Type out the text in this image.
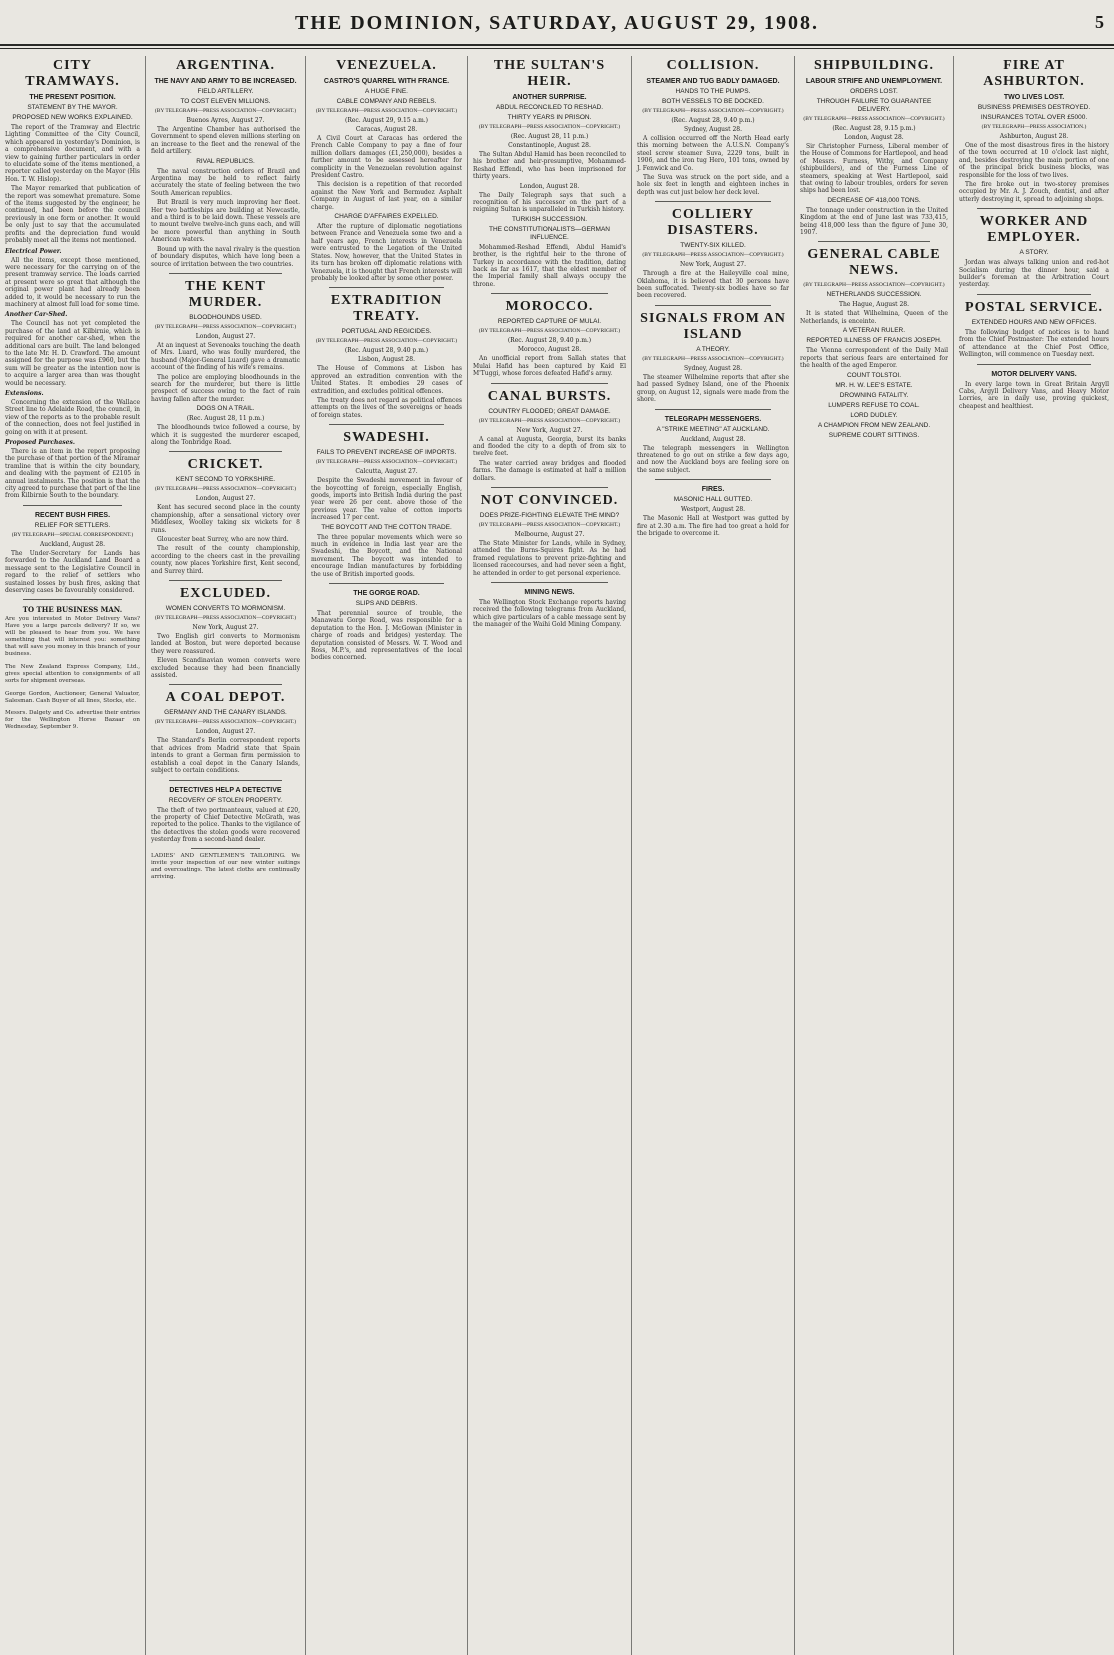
THE DOMINION, SATURDAY, AUGUST 29, 1908.	5
CITY TRAMWAYS.
THE PRESENT POSITION.
STATEMENT BY THE MAYOR.
PROPOSED NEW WORKS EXPLAINED.

The report of the Tramway and Electric Lighting Committee of the City Council, which appeared in yesterday's Dominion, is a comprehensive document, and with a view to gaining further particulars in order to elucidate some of the items mentioned, a reporter called yesterday on the Mayor (His Hon. T. W. Hislop).

The Mayor remarked that publication of the report was somewhat premature. Some of the items suggested by the engineer, he continued, had been before the council previously in one form or another. It would be only just to say that the accumulated profits and the depreciation fund would probably meet all the items not mentioned.

Electrical Power.

All the items, except those mentioned, were necessary for the carrying on of the present tramway service. The loads carried at present were so great that although the original power plant had already been added to, it would be necessary to run the machinery at almost full load for some time.

Another Car-Shed.

The Council has not yet completed the purchase of the land at Kilbirnie, which is required for another car-shed, when the additional cars are built. The land belonged to the late Mr. H. D. Crawford. The amount assigned for the purpose was £960, but the sum will be greater as the intention now is to acquire a larger area than was thought would be necessary.

Extensions.

Concerning the extension of the Wallace Street line to Adelaide Road, the council, in view of the reports as to the probable result of the connection, does not feel justified in going on with it at present.

Proposed Purchases.

There is an item in the report proposing the purchase of that portion of the Miramar tramline that is within the city boundary, and dealing with the payment of £2105 in annual instalments. The position is that the city agreed to purchase that part of the line from Kilbirnie South to the boundary.

RECENT BUSH FIRES.
RELIEF FOR SETTLERS.
(BY TELEGRAPH—SPECIAL CORRESPONDENT.)
Auckland, August 28.

The Under-Secretary for Lands has forwarded to the Auckland Land Board a message sent to the Legislative Council in regard to the relief of settlers who sustained losses by bush fires, asking that deserving cases be favourably considered.

TO THE BUSINESS MAN.

Are you interested in Motor Delivery Vans? Have you a large parcels delivery? If so, we will be pleased to hear from you. We have something that will interest you: something that will save you money in this branch of your business.

The New Zealand Express Company, Ltd., gives special attention to consignments of all sorts for shipment overseas.

George Gordon, Auctioneer, General Valuator, Salesman. Cash Buyer of all lines, Stocks, etc.

Messrs. Dalgety and Co. advertise their entries for the Wellington Horse Bazaar on Wednesday, September 9.

ARGENTINA.
THE NAVY AND ARMY TO BE INCREASED.
FIELD ARTILLERY.
TO COST ELEVEN MILLIONS.
(BY TELEGRAPH—PRESS ASSOCIATION—COPYRIGHT.)
Buenos Ayres, August 27.

The Argentine Chamber has authorised the Government to spend eleven millions sterling on an increase to the fleet and the renewal of the field artillery.

RIVAL REPUBLICS.

The naval construction orders of Brazil and Argentina may be held to reflect fairly accurately the state of feeling between the two South American republics.

But Brazil is very much improving her fleet. Her two battleships are building at Newcastle, and a third is to be laid down. These vessels are to mount twelve twelve-inch guns each, and will be more powerful than anything in South American waters.

Bound up with the naval rivalry is the question of boundary disputes, which have long been a source of irritation between the two countries.

THE KENT MURDER.
BLOODHOUNDS USED.
(BY TELEGRAPH—PRESS ASSOCIATION—COPYRIGHT.)
London, August 27.

At an inquest at Sevenoaks touching the death of Mrs. Luard, who was foully murdered, the husband (Major-General Luard) gave a dramatic account of the finding of his wife's remains.

The police are employing bloodhounds in the search for the murderer, but there is little prospect of success owing to the fact of rain having fallen after the murder.

DOGS ON A TRAIL.
(Rec. August 28, 11 p.m.)

The bloodhounds twice followed a course, by which it is suggested the murderer escaped, along the Tonbridge Road.

CRICKET.
KENT SECOND TO YORKSHIRE.
(BY TELEGRAPH—PRESS ASSOCIATION—COPYRIGHT.)
London, August 27.

Kent has secured second place in the county championship, after a sensational victory over Middlesex, Woolley taking six wickets for 8 runs.

Gloucester beat Surrey, who are now third.

The result of the county championship, according to the cheers cast in the prevailing county, now places Yorkshire first, Kent second, and Surrey third.

EXCLUDED.
WOMEN CONVERTS TO MORMONISM.
(BY TELEGRAPH—PRESS ASSOCIATION—COPYRIGHT.)
New York, August 27.

Two English girl converts to Mormonism landed at Boston, but were deported because they were reassured.

Eleven Scandinavian women converts were excluded because they had been financially assisted.

A COAL DEPOT.
GERMANY AND THE CANARY ISLANDS.
(BY TELEGRAPH—PRESS ASSOCIATION—COPYRIGHT.)
London, August 27.

The Standard's Berlin correspondent reports that advices from Madrid state that Spain intends to grant a German firm permission to establish a coal depot in the Canary Islands, subject to certain conditions.

DETECTIVES HELP A DETECTIVE
RECOVERY OF STOLEN PROPERTY.

The theft of two portmanteaux, valued at £20, the property of Chief Detective McGrath, was reported to the police. Thanks to the vigilance of the detectives the stolen goods were recovered yesterday from a second-hand dealer.

LADIES' AND GENTLEMEN'S TAILORING. We invite your inspection of our new winter suitings and overcoatings. The latest cloths are continually arriving.

VENEZUELA.
CASTRO'S QUARREL WITH FRANCE.
A HUGE FINE.
CABLE COMPANY AND REBELS.
(BY TELEGRAPH—PRESS ASSOCIATION—COPYRIGHT.)
(Rec. August 29, 9.15 a.m.)
Caracas, August 28.

A Civil Court at Caracas has ordered the French Cable Company to pay a fine of four million dollars damages (£1,250,000), besides a further amount to be assessed hereafter for complicity in the Venezuelan revolution against President Castro.

This decision is a repetition of that recorded against the New York and Bermudez Asphalt Company in August of last year, on a similar charge.

CHARGE D'AFFAIRES EXPELLED.

After the rupture of diplomatic negotiations between France and Venezuela some two and a half years ago, French interests in Venezuela were entrusted to the Legation of the United States. Now, however, that the United States in its turn has broken off diplomatic relations with Venezuela, it is thought that French interests will probably be looked after by some other power.

EXTRADITION TREATY.
PORTUGAL AND REGICIDES.
(BY TELEGRAPH—PRESS ASSOCIATION—COPYRIGHT.)
(Rec. August 28, 9.40 p.m.)
Lisbon, August 28.

The House of Commons at Lisbon has approved an extradition convention with the United States. It embodies 29 cases of extradition, and excludes political offences.

The treaty does not regard as political offences attempts on the lives of the sovereigns or heads of foreign states.

SWADESHI.
FAILS TO PREVENT INCREASE OF IMPORTS.
(BY TELEGRAPH—PRESS ASSOCIATION—COPYRIGHT.)
Calcutta, August 27.

Despite the Swadeshi movement in favour of the boycotting of foreign, especially English, goods, imports into British India during the past year were 26 per cent. above those of the previous year. The value of cotton imports increased 17 per cent.

THE BOYCOTT AND THE COTTON TRADE.

The three popular movements which were so much in evidence in India last year are the Swadeshi, the Boycott, and the National movement. The boycott was intended to encourage Indian manufactures by forbidding the use of British imported goods.

THE GORGE ROAD.
SLIPS AND DEBRIS.

That perennial source of trouble, the Manawatu Gorge Road, was responsible for a deputation to the Hon. J. McGowan (Minister in charge of roads and bridges) yesterday. The deputation consisted of Messrs. W. T. Wood and Ross, M.P.'s, and representatives of the local bodies concerned.

THE SULTAN'S HEIR.
ANOTHER SURPRISE.
ABDUL RECONCILED TO RESHAD.
THIRTY YEARS IN PRISON.
(BY TELEGRAPH—PRESS ASSOCIATION—COPYRIGHT.)
(Rec. August 28, 11 p.m.)
Constantinople, August 28.

The Sultan Abdul Hamid has been reconciled to his brother and heir-presumptive, Mohammed-Reshad Effendi, who has been imprisoned for thirty years.

London, August 28.

The Daily Telegraph says that such a recognition of his successor on the part of a reigning Sultan is unparalleled in Turkish history.

TURKISH SUCCESSION.
THE CONSTITUTIONALISTS—GERMAN INFLUENCE.

Mohammed-Reshad Effendi, Abdul Hamid's brother, is the rightful heir to the throne of Turkey in accordance with the tradition, dating back as far as 1617, that the eldest member of the Imperial family shall always occupy the throne.

MOROCCO.
REPORTED CAPTURE OF MULAI.
(BY TELEGRAPH—PRESS ASSOCIATION—COPYRIGHT.)
(Rec. August 28, 9.40 p.m.)
Morocco, August 28.

An unofficial report from Sallah states that Mulai Hafid has been captured by Kaid El M'Tuggi, whose forces defeated Hafid's army.

CANAL BURSTS.
COUNTRY FLOODED; GREAT DAMAGE.
(BY TELEGRAPH—PRESS ASSOCIATION—COPYRIGHT.)
New York, August 27.

A canal at Augusta, Georgia, burst its banks and flooded the city to a depth of from six to twelve feet.

The water carried away bridges and flooded farms. The damage is estimated at half a million dollars.

NOT CONVINCED.
DOES PRIZE-FIGHTING ELEVATE THE MIND?
(BY TELEGRAPH—PRESS ASSOCIATION—COPYRIGHT.)
Melbourne, August 27.

The State Minister for Lands, while in Sydney, attended the Burns-Squires fight. As he had framed regulations to prevent prize-fighting and licensed racecourses, and had never seen a fight, he attended in order to get personal experience.

MINING NEWS.

The Wellington Stock Exchange reports having received the following telegrams from Auckland, which give particulars of a cable message sent by the manager of the Waihi Gold Mining Company.

COLLISION.
STEAMER AND TUG BADLY DAMAGED.
HANDS TO THE PUMPS.
BOTH VESSELS TO BE DOCKED.
(BY TELEGRAPH—PRESS ASSOCIATION—COPYRIGHT.)
(Rec. August 28, 9.40 p.m.)
Sydney, August 28.

A collision occurred off the North Head early this morning between the A.U.S.N. Company's steel screw steamer Suva, 2229 tons, built in 1906, and the iron tug Hero, 101 tons, owned by J. Fenwick and Co.

The Suva was struck on the port side, and a hole six feet in length and eighteen inches in depth was cut just below her deck level.

COLLIERY DISASTERS.
TWENTY-SIX KILLED.
(BY TELEGRAPH—PRESS ASSOCIATION—COPYRIGHT.)
New York, August 27.

Through a fire at the Haileyville coal mine, Oklahoma, it is believed that 30 persons have been suffocated. Twenty-six bodies have so far been recovered.

SIGNALS FROM AN ISLAND
A THEORY.
(BY TELEGRAPH—PRESS ASSOCIATION—COPYRIGHT.)
Sydney, August 28.

The steamer Wilhelmine reports that after she had passed Sydney Island, one of the Phoenix group, on August 12, signals were made from the shore.

TELEGRAPH MESSENGERS.
A "STRIKE MEETING" AT AUCKLAND.
Auckland, August 28.

The telegraph messengers in Wellington threatened to go out on strike a few days ago, and now the Auckland boys are feeling sore on the same subject.

FIRES.
MASONIC HALL GUTTED.
Westport, August 28.

The Masonic Hall at Westport was gutted by fire at 2.30 a.m. The fire had too great a hold for the brigade to overcome it.

SHIPBUILDING.
LABOUR STRIFE AND UNEMPLOYMENT.
ORDERS LOST.
THROUGH FAILURE TO GUARANTEE DELIVERY.
(BY TELEGRAPH—PRESS ASSOCIATION—COPYRIGHT.)
(Rec. August 28, 9.15 p.m.)
London, August 28.

Sir Christopher Furness, Liberal member of the House of Commons for Hartlepool, and head of Messrs. Furness, Withy, and Company (shipbuilders), and of the Furness Line of steamers, speaking at West Hartlepool, said that owing to labour troubles, orders for seven ships had been lost.

DECREASE OF 418,000 TONS.

The tonnage under construction in the United Kingdom at the end of June last was 733,415, being 418,000 less than the figure of June 30, 1907.

GENERAL CABLE NEWS.
(BY TELEGRAPH—PRESS ASSOCIATION—COPYRIGHT.)
NETHERLANDS SUCCESSION.
The Hague, August 28.

It is stated that Wilhelmina, Queen of the Netherlands, is enceinte.

A VETERAN RULER.
REPORTED ILLNESS OF FRANCIS JOSEPH.

The Vienna correspondent of the Daily Mail reports that serious fears are entertained for the health of the aged Emperor.

COUNT TOLSTOI.
MR. H. W. LEE'S ESTATE.
DROWNING FATALITY.
LUMPERS REFUSE TO COAL.
LORD DUDLEY.
A CHAMPION FROM NEW ZEALAND.
SUPREME COURT SITTINGS.
FIRE AT ASHBURTON.
TWO LIVES LOST.
BUSINESS PREMISES DESTROYED.
INSURANCES TOTAL OVER £5000.
(BY TELEGRAPH—PRESS ASSOCIATION.)
Ashburton, August 28.

One of the most disastrous fires in the history of the town occurred at 10 o'clock last night, and, besides destroying the main portion of one of the principal brick business blocks, was responsible for the loss of two lives.

The fire broke out in two-storey premises occupied by Mr. A. J. Zouch, dentist, and after utterly destroying it, spread to adjoining shops.

WORKER AND EMPLOYER.
A STORY.

Jordan was always talking union and red-hot Socialism during the dinner hour, said a builder's foreman at the Arbitration Court yesterday.

POSTAL SERVICE.
EXTENDED HOURS AND NEW OFFICES.

The following budget of notices is to hand from the Chief Postmaster: The extended hours of attendance at the Chief Post Office, Wellington, will commence on Tuesday next.

MOTOR DELIVERY VANS.

In every large town in Great Britain Argyll Cabs, Argyll Delivery Vans, and Heavy Motor Lorries, are in daily use, proving quickest, cheapest and healthiest.
